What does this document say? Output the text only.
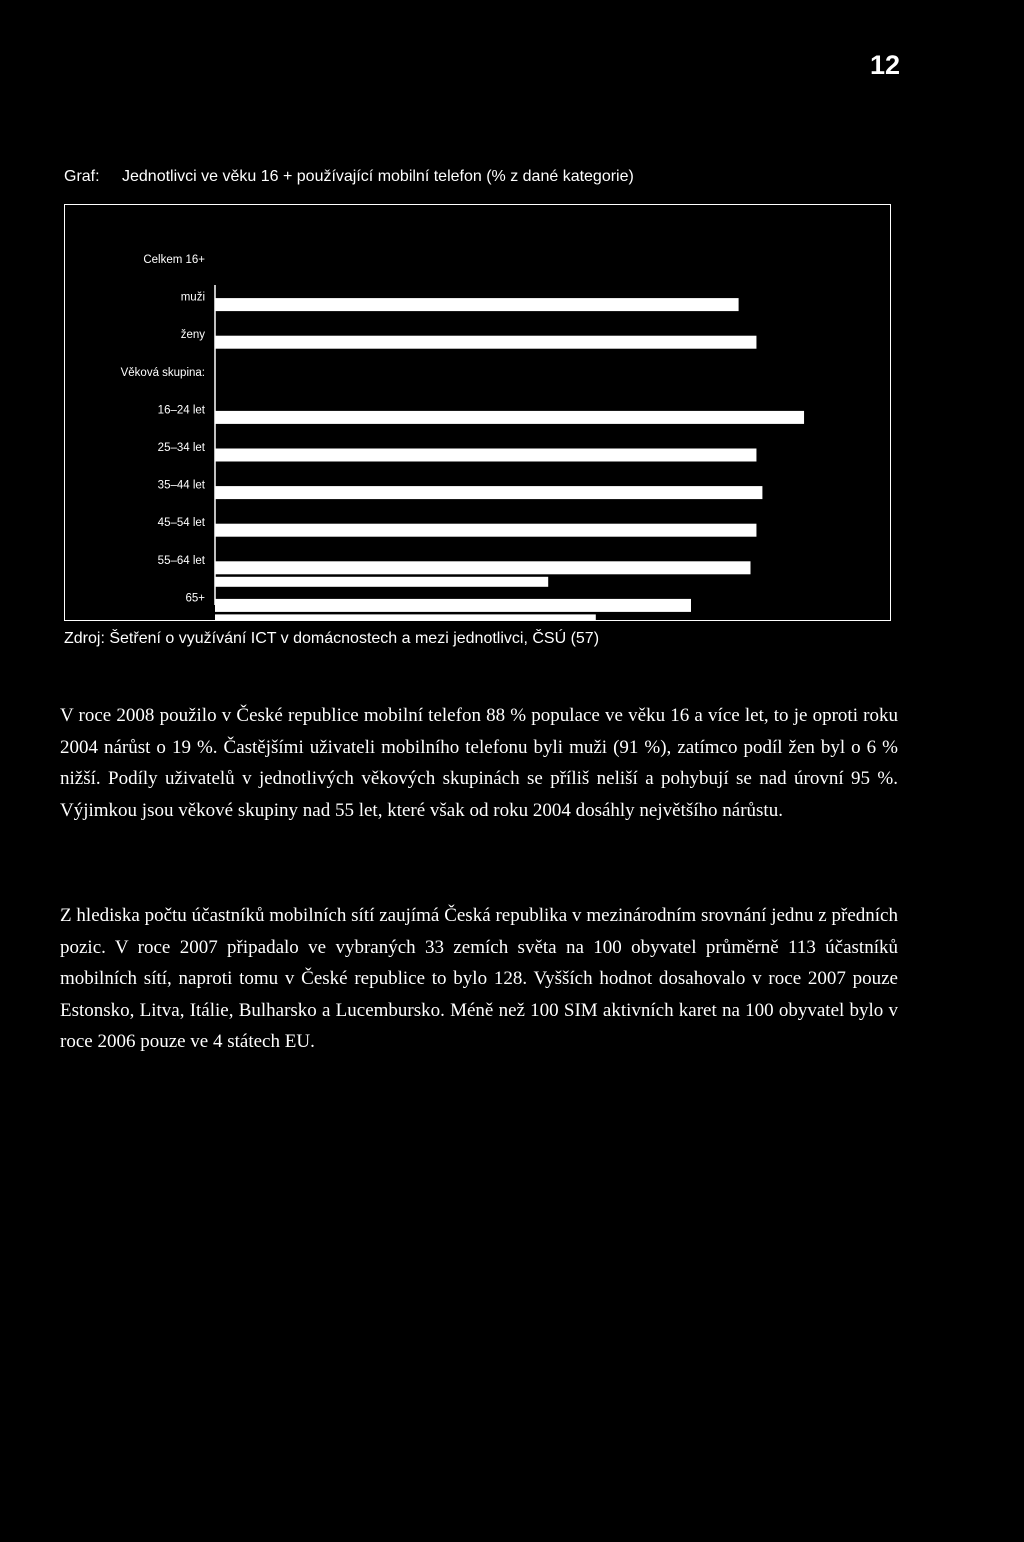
12
Graf: Jednotlivci ve věku 16 + používající mobilní telefon (% z dané kategorie)
Celkem 16+
muži
ženy
Věková skupina:
16–24 let
25–34 let
35–44 let
45–54 let
55–64 let
65+
Zdroj: Šetření o využívání ICT v domácnostech a mezi jednotlivci, ČSÚ (57)

V roce 2008 použilo v České republice mobilní telefon 88 % populace ve věku 16 a více let, to je oproti roku 2004 nárůst o 19 %. Častějšími uživateli mobilního telefonu byli muži (91 %), zatímco podíl žen byl o 6 % nižší. Podíly uživatelů v jednotlivých věkových skupinách se příliš neliší a pohybují se nad úrovní 95 %. Výjimkou jsou věkové skupiny nad 55 let, které však od roku 2004 dosáhly největšího nárůstu.

Z hlediska počtu účastníků mobilních sítí zaujímá Česká republika v mezinárodním srovnání jednu z předních pozic. V roce 2007 připadalo ve vybraných 33 zemích světa na 100 obyvatel průměrně 113 účastníků mobilních sítí, naproti tomu v České republice to bylo 128. Vyšších hodnot dosahovalo v roce 2007 pouze Estonsko, Litva, Itálie, Bulharsko a Lucembursko. Méně než 100 SIM aktivních karet na 100 obyvatel bylo v roce 2006 pouze ve 4 státech EU.
